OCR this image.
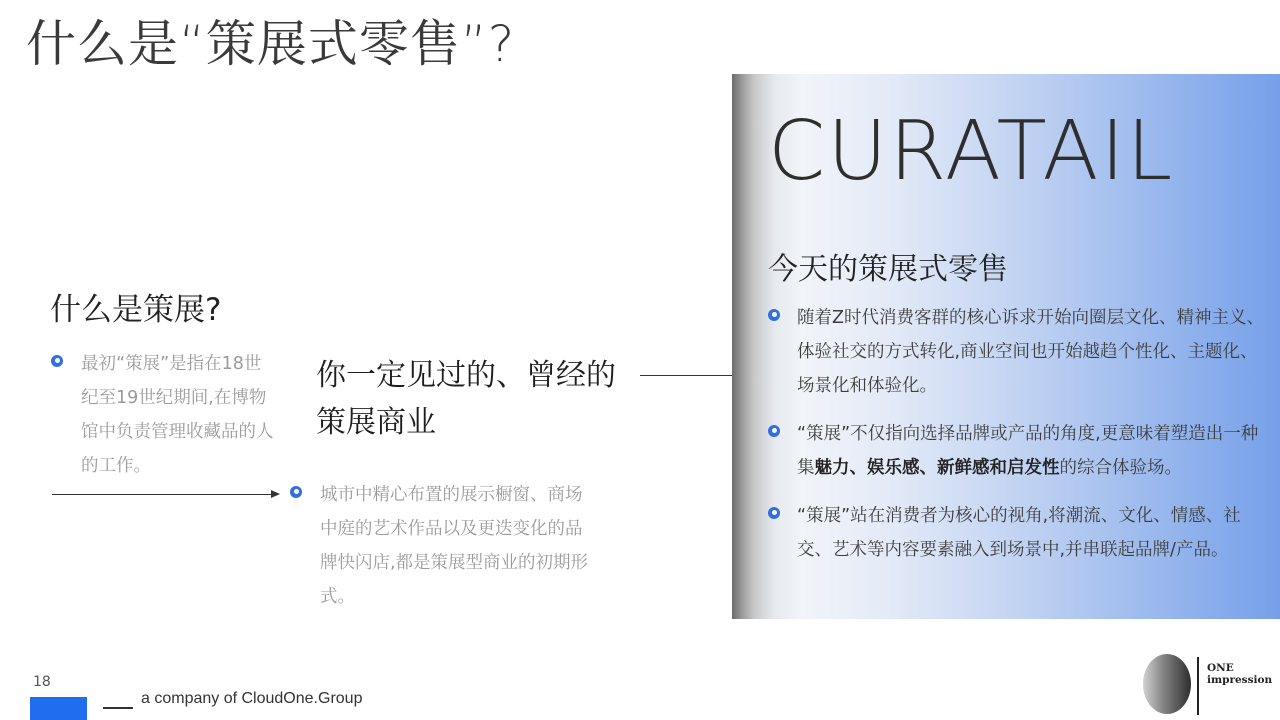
什么是“策展式零售”?
什么是策展?
最初“策展”是指在18世纪至19世纪期间,在博物馆中负责管理收藏品的人的工作。
你一定见过的、曾经的策展商业
城市中精心布置的展示橱窗、商场中庭的艺术作品以及更迭变化的品牌快闪店,都是策展型商业的初期形式。
CURATAIL
今天的策展式零售
随着Z时代消费客群的核心诉求开始向圈层文化、精神主义、体验社交的方式转化,商业空间也开始越趋个性化、主题化、场景化和体验化。
“策展”不仅指向选择品牌或产品的角度,更意味着塑造出一种集魅力、娱乐感、新鲜感和启发性的综合体验场。
“策展”站在消费者为核心的视角,将潮流、文化、情感、社交、艺术等内容要素融入到场景中,并串联起品牌/产品。
18
a company of CloudOne.Group
ONE
impression
